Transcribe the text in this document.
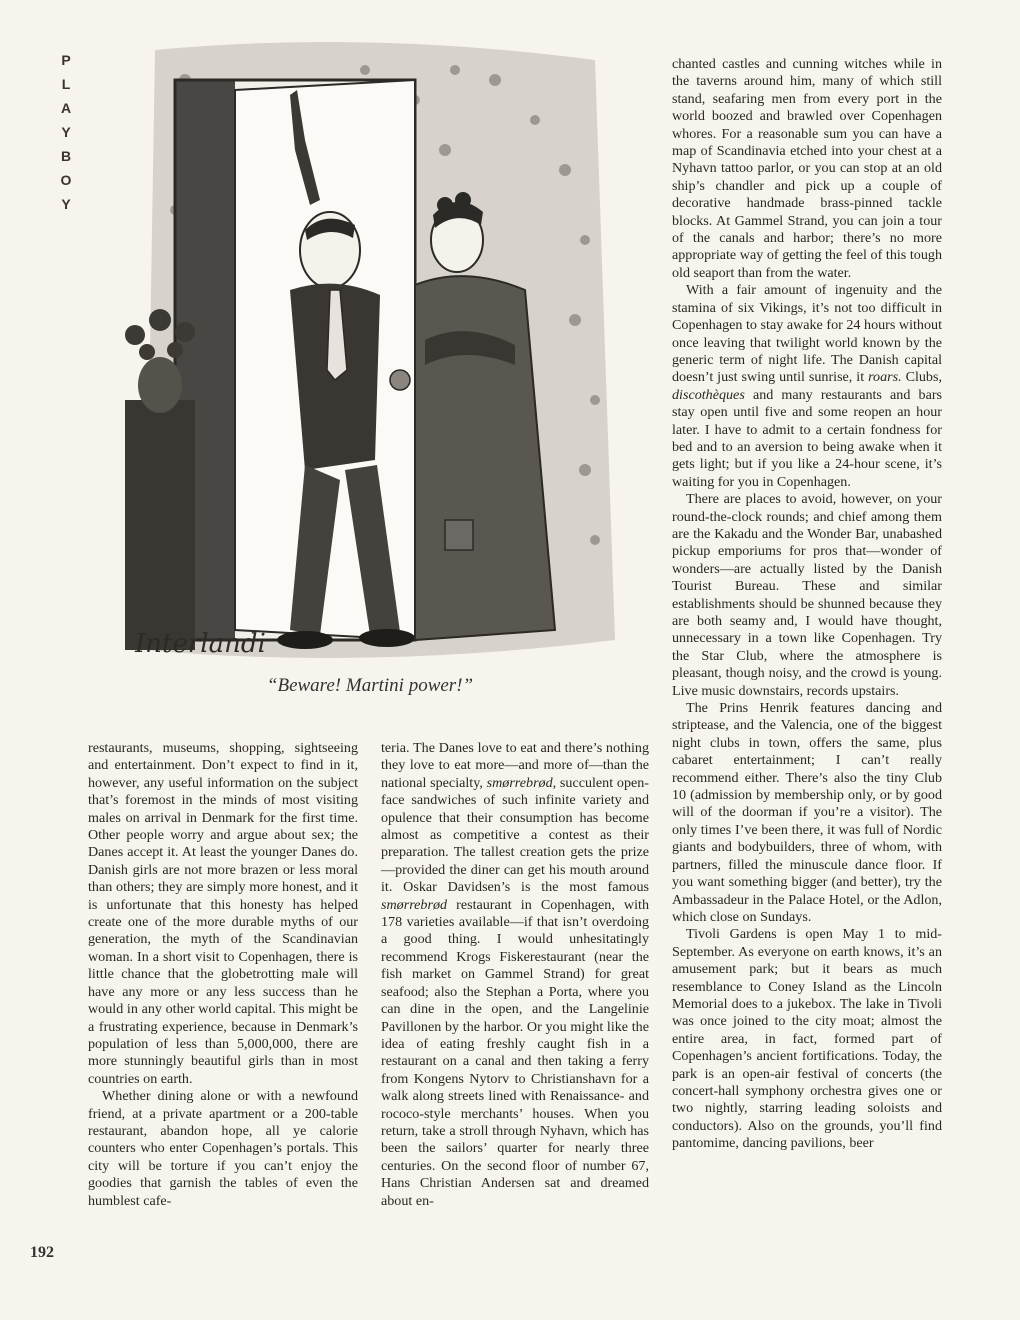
P
L
A
Y
B
O
Y
Interlandi
“Beware! Martini power!”

restaurants, museums, shopping, sightseeing and entertainment. Don’t expect to find in it, however, any useful information on the subject that’s foremost in the minds of most visiting males on arrival in Denmark for the first time. Other people worry and argue about sex; the Danes accept it. At least the younger Danes do. Danish girls are not more brazen or less moral than others; they are simply more honest, and it is unfortunate that this honesty has helped create one of the more durable myths of our generation, the myth of the Scandinavian woman. In a short visit to Copenhagen, there is little chance that the globetrotting male will have any more or any less success than he would in any other world capital. This might be a frustrating experience, because in Denmark’s population of less than 5,000,000, there are more stunningly beautiful girls than in most countries on earth.

Whether dining alone or with a newfound friend, at a private apartment or a 200-table restaurant, abandon hope, all ye calorie counters who enter Copenhagen’s portals. This city will be torture if you can’t enjoy the goodies that garnish the tables of even the humblest cafe-

teria. The Danes love to eat and there’s nothing they love to eat more—and more of—than the national specialty, smørrebrød, succulent open-face sandwiches of such infinite variety and opulence that their consumption has become almost as competitive a contest as their preparation. The tallest creation gets the prize—provided the diner can get his mouth around it. Oskar Davidsen’s is the most famous smørrebrød restaurant in Copenhagen, with 178 varieties available—if that isn’t overdoing a good thing. I would unhesitatingly recommend Krogs Fiskerestaurant (near the fish market on Gammel Strand) for great seafood; also the Stephan a Porta, where you can dine in the open, and the Langelinie Pavillonen by the harbor. Or you might like the idea of eating freshly caught fish in a restaurant on a canal and then taking a ferry from Kongens Nytorv to Christianshavn for a walk along streets lined with Renaissance- and rococo-style merchants’ houses. When you return, take a stroll through Nyhavn, which has been the sailors’ quarter for nearly three centuries. On the second floor of number 67, Hans Christian Andersen sat and dreamed about en-

chanted castles and cunning witches while in the taverns around him, many of which still stand, seafaring men from every port in the world boozed and brawled over Copenhagen whores. For a reasonable sum you can have a map of Scandinavia etched into your chest at a Nyhavn tattoo parlor, or you can stop at an old ship’s chandler and pick up a couple of decorative handmade brass-pinned tackle blocks. At Gammel Strand, you can join a tour of the canals and harbor; there’s no more appropriate way of getting the feel of this tough old seaport than from the water.

With a fair amount of ingenuity and the stamina of six Vikings, it’s not too difficult in Copenhagen to stay awake for 24 hours without once leaving that twilight world known by the generic term of night life. The Danish capital doesn’t just swing until sunrise, it roars. Clubs, discothèques and many restaurants and bars stay open until five and some reopen an hour later. I have to admit to a certain fondness for bed and to an aversion to being awake when it gets light; but if you like a 24-hour scene, it’s waiting for you in Copenhagen.

There are places to avoid, however, on your round-the-clock rounds; and chief among them are the Kakadu and the Wonder Bar, unabashed pickup emporiums for pros that—wonder of wonders—are actually listed by the Danish Tourist Bureau. These and similar establishments should be shunned because they are both seamy and, I would have thought, unnecessary in a town like Copenhagen. Try the Star Club, where the atmosphere is pleasant, though noisy, and the crowd is young. Live music downstairs, records upstairs.

The Prins Henrik features dancing and striptease, and the Valencia, one of the biggest night clubs in town, offers the same, plus cabaret entertainment; I can’t really recommend either. There’s also the tiny Club 10 (admission by membership only, or by good will of the doorman if you’re a visitor). The only times I’ve been there, it was full of Nordic giants and bodybuilders, three of whom, with partners, filled the minuscule dance floor. If you want something bigger (and better), try the Ambassadeur in the Palace Hotel, or the Adlon, which close on Sundays.

Tivoli Gardens is open May 1 to mid-September. As everyone on earth knows, it’s an amusement park; but it bears as much resemblance to Coney Island as the Lincoln Memorial does to a jukebox. The lake in Tivoli was once joined to the city moat; almost the entire area, in fact, formed part of Copenhagen’s ancient fortifications. Today, the park is an open-air festival of concerts (the concert-hall symphony orchestra gives one or two nightly, starring leading soloists and conductors). Also on the grounds, you’ll find pantomime, dancing pavilions, beer

192
